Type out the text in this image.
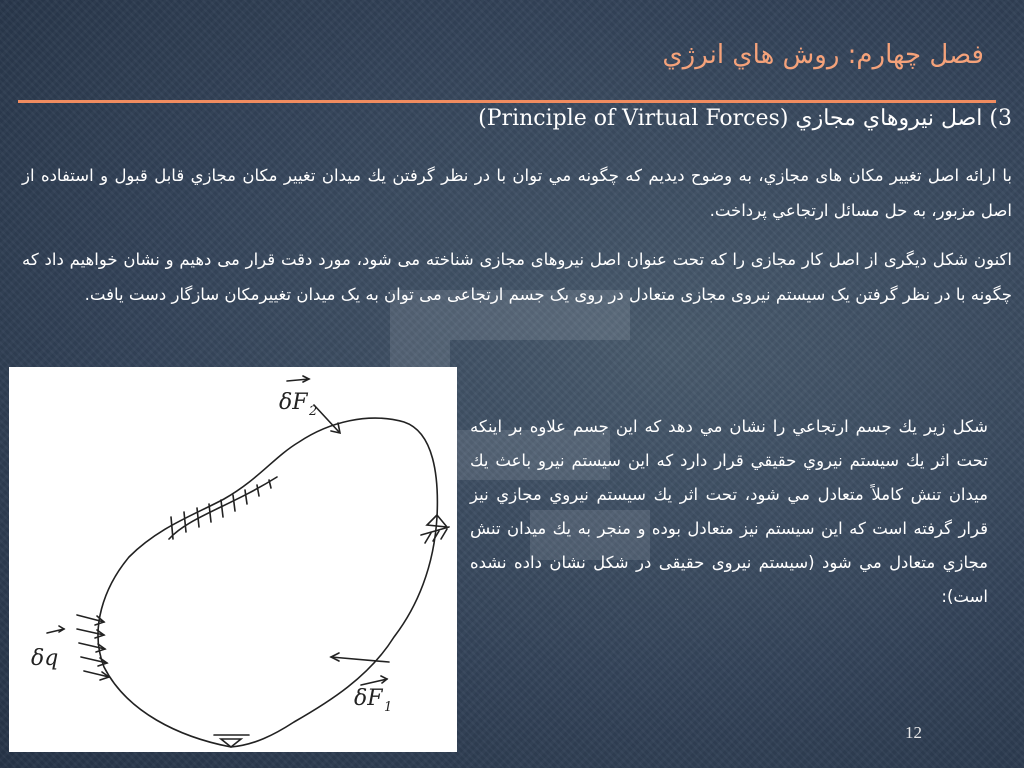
فصل چهارم: روش هاي انرژي
3) اصل نيروهاي مجازي (Principle of Virtual Forces)
با ارائه اصل تغییر مکان های مجازي، به وضوح ديديم که چگونه مي توان با در نظر گرفتن يك ميدان تغيير مكان مجازي قابل قبول و استفاده از اصل مزبور، به حل مسائل ارتجاعي پرداخت.
اکنون شکل دیگری از اصل کار مجازی را که تحت عنوان اصل نیروهای مجازی شناخته می شود، مورد دقت قرار می دهیم و نشان خواهیم داد که چگونه با در نظر گرفتن یک سیستم نیروی مجازی متعادل در روی یک جسم ارتجاعی می توان به یک میدان تغییرمکان سازگار دست یافت.
δF 2
δF 1
δq
شكل زير يك جسم ارتجاعي را نشان مي دهد كه اين جسم علاوه بر اينكه تحت اثر يك سيستم نيروي حقيقي قرار دارد كه اين سيستم نيرو باعث يك ميدان تنش كاملاً متعادل مي شود، تحت اثر يك سيستم نيروي مجازي نيز قرار گرفته است كه اين سيستم نيز متعادل بوده و منجر به يك ميدان تنش مجازي متعادل مي شود (سيستم نيروی حقيقی در شكل نشان داده نشده است):
12
